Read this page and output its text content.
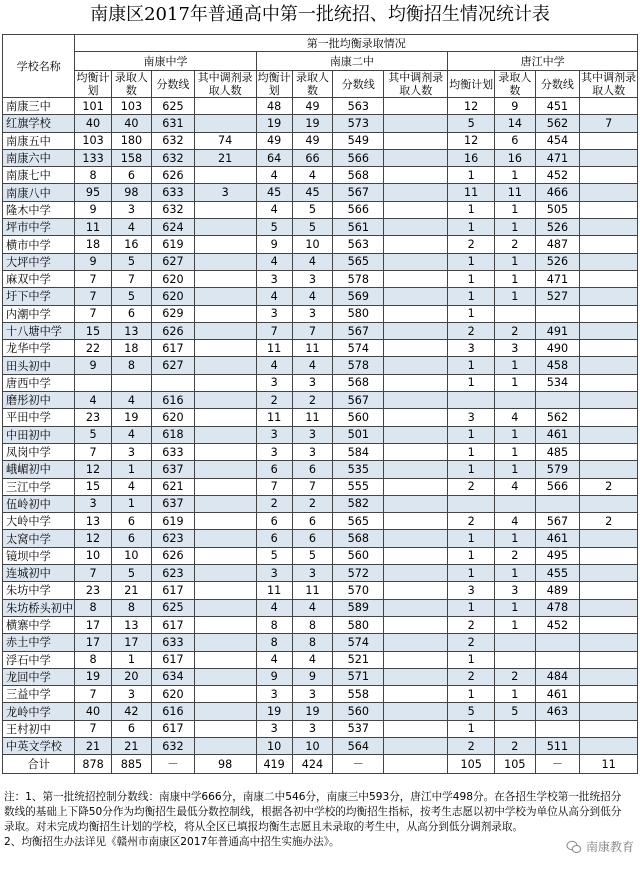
南康区2017年普通高中第一批统招、均衡招生情况统计表
学校名称	第一批均衡录取情况											
	南康中学				南康二中				唐江中学			
	均衡计划	录取人数	分数线	其中调剂录取人数	均衡计划	录取人数	分数线	其中调剂录取人数	均衡计划	录取人数	分数线	其中调剂录取人数
南康三中	101	103	625		48	49	563		12	9	451	
红旗学校	40	40	631		19	19	573		5	14	562	7
南康五中	103	180	632	74	49	49	549		12	6	454	
南康六中	133	158	632	21	64	66	566		16	16	471	
南康七中	8	6	626		4	4	568		1	1	452	
南康八中	95	98	633	3	45	45	567		11	11	466	
隆木中学	9	3	632		4	5	566		1	1	505	
坪市中学	11	4	624		5	5	561		1	1	526	
横市中学	18	16	619		9	10	563		2	2	487	
大坪中学	9	5	627		4	4	565		1	1	526	
麻双中学	7	7	620		3	3	578		1	1	471	
圩下中学	7	5	620		4	4	569		1	1	527	
内潮中学	7	6	629		3	3	580		1			
十八塘中学	15	13	626		7	7	567		2	2	491	
龙华中学	22	18	617		11	11	574		3	3	490	
田头初中	9	8	627		4	4	578		1	1	458	
唐西中学					3	3	568		1	1	534	
磨彤初中	4	4	616		2	2	567					
平田中学	23	19	620		11	11	560		3	4	562	
中田初中	5	4	618		3	3	501		1	1	461	
凤岗中学	7	3	633		3	3	584		1	1	485	
峨嵋初中	12	1	637		6	6	535		1	1	579	
三江中学	15	4	621		7	7	555		2	4	566	2
伍岭初中	3	1	637		2	2	582					
大岭中学	13	6	619		6	6	565		2	4	567	2
太窝中学	12	6	623		6	6	568		1	1	461	
镜坝中学	10	10	626		5	5	560		1	2	495	
连城初中	7	5	623		3	3	572		1	1	455	
朱坊中学	23	21	617		11	11	570		3	3	489	
朱坊桥头初中	8	8	625		4	4	589		1	1	478	
横寨中学	17	13	617		8	8	580		2	1	452	
赤土中学	17	17	633		8	8	574		2			
浮石中学	8	1	617		4	4	521		1			
龙回中学	19	20	634		9	9	571		2	2	484	
三益中学	7	3	620		3	3	558		1	1	461	
龙岭中学	40	42	616		19	19	560		5	5	463	
王村初中	7	6	617		3	3	537		1			
中英文学校	21	21	632		10	10	564		2	2	511	
合计	878	885	－	98	419	424	－		105	105	－	11

注：1、第一批统招控制分数线：南康中学666分，南康二中546分，南康三中593分，唐江中学498分。在各招生学校第一批统招分数线的基础上下降50分作为均衡招生最低分数控制线，根据各初中学校的均衡招生指标，按考生志愿以初中学校为单位从高分到低分录取。对未完成均衡招生计划的学校，将从全区已填报均衡生志愿且未录取的考生中，从高分到低分调剂录取。

2、均衡招生办法详见《赣州市南康区2017年普通高中招生实施办法》。	南康教育
